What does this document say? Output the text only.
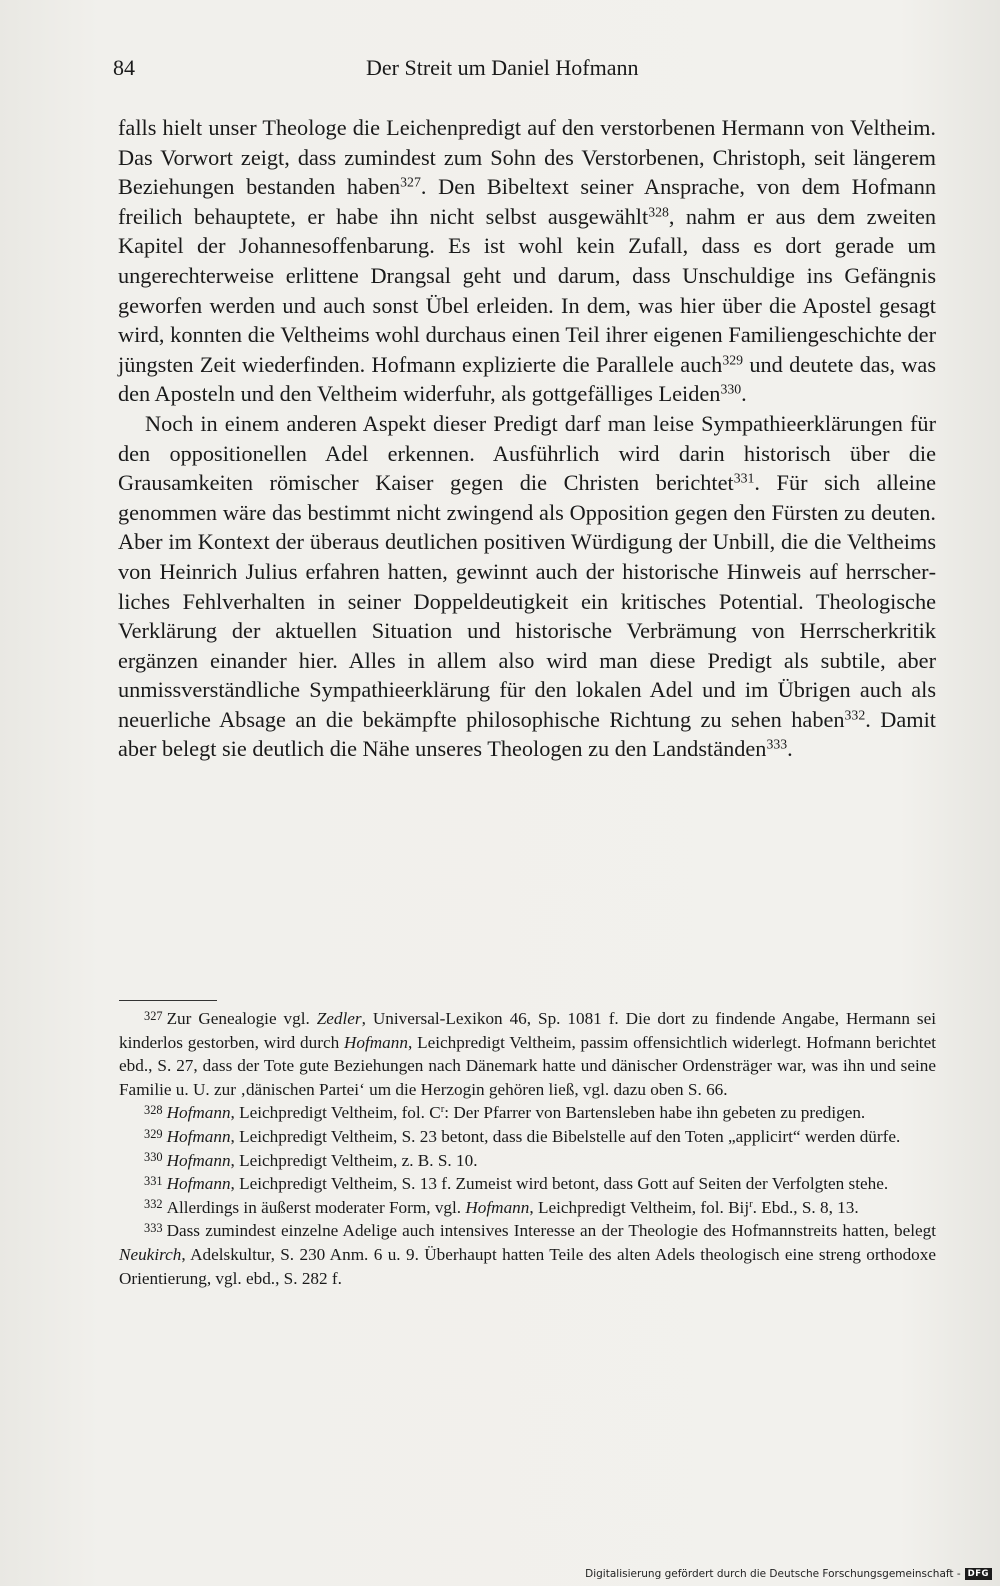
84	Der Streit um Daniel Hofmann

falls hielt unser Theologe die Leichenpredigt auf den verstorbenen Hermann von Veltheim. Das Vorwort zeigt, dass zumindest zum Sohn des Verstorbenen, Christoph, seit längerem Beziehungen bestanden haben$^{327}$. Den Bibeltext seiner Ansprache, von dem Hofmann freilich behauptete, er habe ihn nicht selbst ausgewählt$^{328}$, nahm er aus dem zweiten Kapitel der Johannesoffenbarung. Es ist wohl kein Zufall, dass es dort gerade um ungerechterweise erlittene Drangsal geht und darum, dass Unschuldige ins Gefängnis geworfen werden und auch sonst Übel erleiden. In dem, was hier über die Apostel gesagt wird, konnten die Veltheims wohl durchaus einen Teil ihrer eigenen Familiengeschichte der jüngsten Zeit wiederfinden. Hofmann explizierte die Parallele auch$^{329}$ und deutete das, was den Aposteln und den Veltheim widerfuhr, als gottgefälliges Leiden$^{330}$.

Noch in einem anderen Aspekt dieser Predigt darf man leise Sympathieerklärungen für den oppositionellen Adel erkennen. Ausführlich wird darin historisch über die Grausamkeiten römischer Kaiser gegen die Christen berichtet$^{331}$. Für sich alleine genommen wäre das bestimmt nicht zwingend als Opposition gegen den Fürsten zu deuten. Aber im Kontext der überaus deutlichen positiven Würdigung der Unbill, die die Veltheims von Heinrich Julius erfahren hatten, gewinnt auch der historische Hinweis auf herrscherliches Fehlverhalten in seiner Doppeldeutigkeit ein kritisches Potential. Theologische Verklärung der aktuellen Situation und historische Verbrämung von Herrscherkritik ergänzen einander hier. Alles in allem also wird man diese Predigt als subtile, aber unmissverständliche Sympathieerklärung für den lokalen Adel und im Übrigen auch als neuerliche Absage an die bekämpfte philosophische Richtung zu sehen haben$^{332}$. Damit aber belegt sie deutlich die Nähe unseres Theologen zu den Landständen$^{333}$.

$^{327}$ Zur Genealogie vgl. Zedler, Universal-Lexikon 46, Sp. 1081 f. Die dort zu findende Angabe, Hermann sei kinderlos gestorben, wird durch Hofmann, Leichpredigt Veltheim, passim offensichtlich widerlegt. Hofmann berichtet ebd., S. 27, dass der Tote gute Beziehungen nach Dänemark hatte und dänischer Ordensträger war, was ihn und seine Familie u. U. zur ‚dänischen Partei‘ um die Herzogin gehören ließ, vgl. dazu oben S. 66.

$^{328}$ Hofmann, Leichpredigt Veltheim, fol. $C^r$: Der Pfarrer von Bartensleben habe ihn gebeten zu predigen.

$^{329}$ Hofmann, Leichpredigt Veltheim, S. 23 betont, dass die Bibelstelle auf den Toten „applicirt“ werden dürfe.

$^{330}$ Hofmann, Leichpredigt Veltheim, z. B. S. 10.

$^{331}$ Hofmann, Leichpredigt Veltheim, S. 13 f. Zumeist wird betont, dass Gott auf Seiten der Verfolgten stehe.

$^{332}$ Allerdings in äußerst moderater Form, vgl. Hofmann, Leichpredigt Veltheim, fol. Bij$^r$. Ebd., S. 8, 13.

$^{333}$ Dass zumindest einzelne Adelige auch intensives Interesse an der Theologie des Hofmannstreits hatten, belegt Neukirch, Adelskultur, S. 230 Anm. 6 u. 9. Überhaupt hatten Teile des alten Adels theologisch eine streng orthodoxe Orientierung, vgl. ebd., S. 282 f.

Digitalisierung gefördert durch die Deutsche Forschungsgemeinschaft - DFG
